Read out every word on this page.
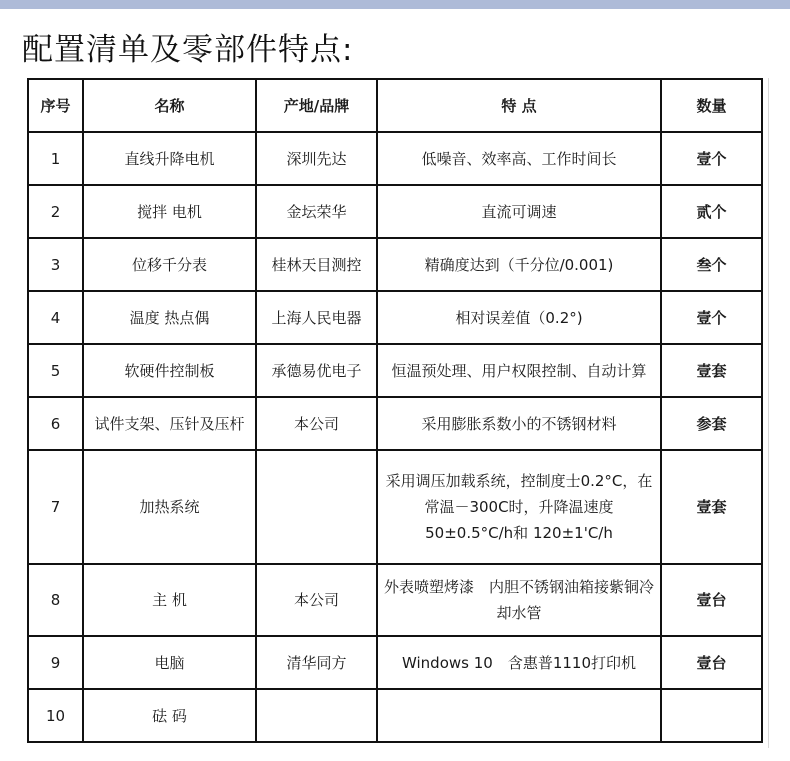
配置清单及零部件特点:
序号	名称	产地/品牌	特 点	数量
1	直线升降电机	深圳先达	低噪音、效率高、工作时间长	壹个
2	搅拌 电机	金坛荣华	直流可调速	贰个
3	位移千分表	桂林天目测控	精确度达到（千分位/0.001)	叁个
4	温度 热点偶	上海人民电器	相对误差值（0.2°)	壹个
5	软硬件控制板	承德易优电子	恒温预处理、用户权限控制、自动计算	壹套
6	试件支架、压针及压杆	本公司	采用膨胀系数小的不锈钢材料	参套
7	加热系统		采用调压加载系统，控制度士0.2°C，在常温－300C时，升降温速度50±0.5°C/h和 120±1'C/h	壹套
8	主 机	本公司	外表喷塑烤漆　内胆不锈钢油箱接紫铜冷却水管	壹台
9	电脑	清华同方	Windows 10　含惠普1110打印机	壹台
10	砝 码			
